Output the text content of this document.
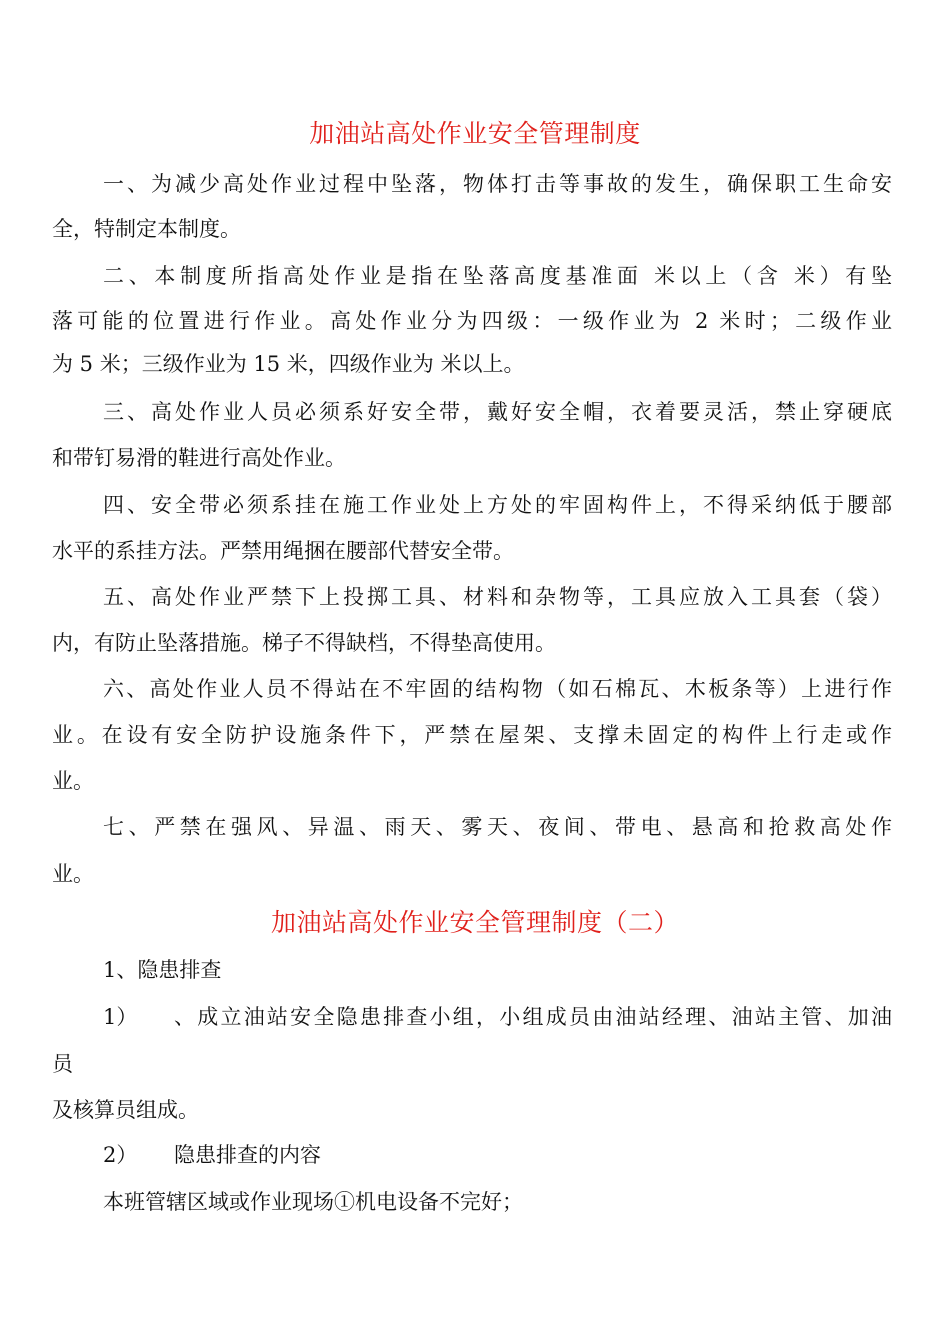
加油站高处作业安全管理制度
一、为减少高处作业过程中坠落，物体打击等事故的发生，确保职工生命安
全，特制定本制度。
二、本制度所指高处作业是指在坠落高度基准面 米以上（含 米）有坠
落可能的位置进行作业。高处作业分为四级：一级作业为 2 米时；二级作业
为 5 米；三级作业为 15 米，四级作业为 米以上。
三、高处作业人员必须系好安全带，戴好安全帽，衣着要灵活，禁止穿硬底
和带钉易滑的鞋进行高处作业。
四、安全带必须系挂在施工作业处上方处的牢固构件上，不得采纳低于腰部
水平的系挂方法。严禁用绳捆在腰部代替安全带。
五、高处作业严禁下上投掷工具、材料和杂物等，工具应放入工具套（袋）
内，有防止坠落措施。梯子不得缺档，不得垫高使用。
六、高处作业人员不得站在不牢固的结构物（如石棉瓦、木板条等）上进行作
业。在设有安全防护设施条件下，严禁在屋架、支撑未固定的构件上行走或作
业。
七、严禁在强风、异温、雨天、雾天、夜间、带电、悬高和抢救高处作
业。
加油站高处作业安全管理制度（二）
1、隐患排查
1） 、成立油站安全隐患排查小组，小组成员由油站经理、油站主管、加油
员
及核算员组成。
2） 隐患排查的内容
本班管辖区域或作业现场①机电设备不完好；
